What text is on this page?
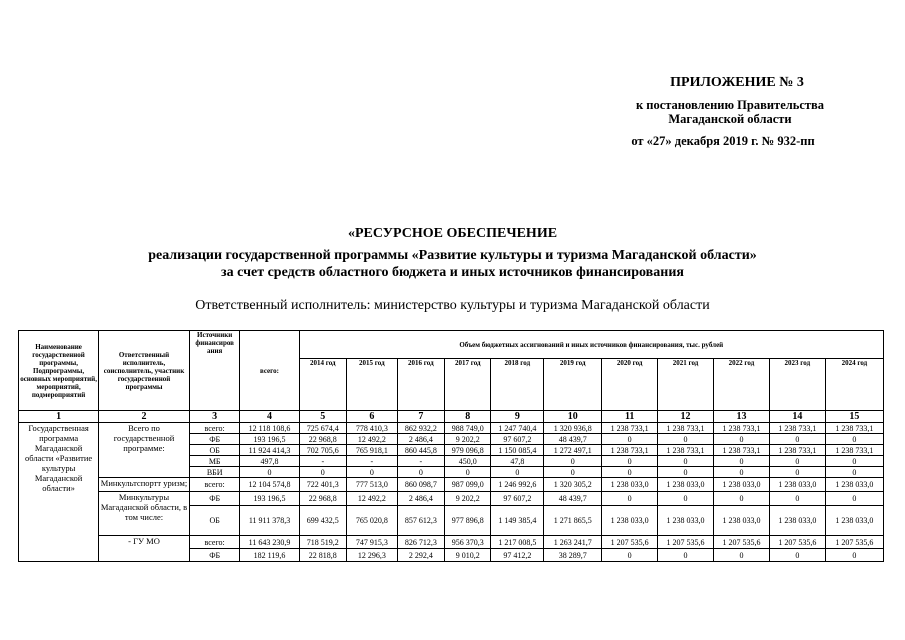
ПРИЛОЖЕНИЕ № 3
к постановлению Правительства
Магаданской области
от «27» декабря 2019 г. № 932-пп
«РЕСУРСНОЕ ОБЕСПЕЧЕНИЕ
реализации государственной программы «Развитие культуры и туризма Магаданской области»
за счет средств областного бюджета и иных источников финансирования
Ответственный исполнитель: министерство культуры и туризма Магаданской области
Наименование государственной программы, Подпрограммы, основных мероприятий, мероприятий, подмероприятий	Ответственный исполнитель, соисполнитель, участник государственной программы	Источники финансиров ания	всего:	Объем бюджетных ассигнований и иных источников финансирования, тыс. рублей										
				2014 год	2015 год	2016 год	2017 год	2018 год	2019 год	2020 год	2021 год	2022 год	2023 год	2024 год

1	2	3	4	5	6	7	8	9	10	11	12	13	14	15
Государственная программа Магаданской области «Развитие культуры Магаданской области»	Всего по государственной программе:	всего:	12 118 108,6	725 674,4	778 410,3	862 932,2	988 749,0	1 247 740,4	1 320 936,8	1 238 733,1	1 238 733,1	1 238 733,1	1 238 733,1	1 238 733,1
		ФБ	193 196,5	22 968,8	12 492,2	2 486,4	9 202,2	97 607,2	48 439,7	0	0	0	0	0
		ОБ	11 924 414,3	702 705,6	765 918,1	860 445,8	979 096,8	1 150 085,4	1 272 497,1	1 238 733,1	1 238 733,1	1 238 733,1	1 238 733,1	1 238 733,1
		МБ	497,8	-	-	-	450,0	47,8	0	0	0	0	0	0
		ВБИ	0	0	0	0	0	0	0	0	0	0	0	0
	Минкультспортт уризм;	всего:	12 104 574,8	722 401,3	777 513,0	860 098,7	987 099,0	1 246 992,6	1 320 305,2	1 238 033,0	1 238 033,0	1 238 033,0	1 238 033,0	1 238 033,0
	Минкультуры Магаданской области, в том числе:	ФБ	193 196,5	22 968,8	12 492,2	2 486,4	9 202,2	97 607,2	48 439,7	0	0	0	0	0
		ОБ	11 911 378,3	699 432,5	765 020,8	857 612,3	977 896,8	1 149 385,4	1 271 865,5	1 238 033,0	1 238 033,0	1 238 033,0	1 238 033,0	1 238 033,0
	- ГУ МО	всего:	11 643 230,9	718 519,2	747 915,3	826 712,3	956 370,3	1 217 008,5	1 263 241,7	1 207 535,6	1 207 535,6	1 207 535,6	1 207 535,6	1 207 535,6
		ФБ	182 119,6	22 818,8	12 296,3	2 292,4	9 010,2	97 412,2	38 289,7	0	0	0	0	0
